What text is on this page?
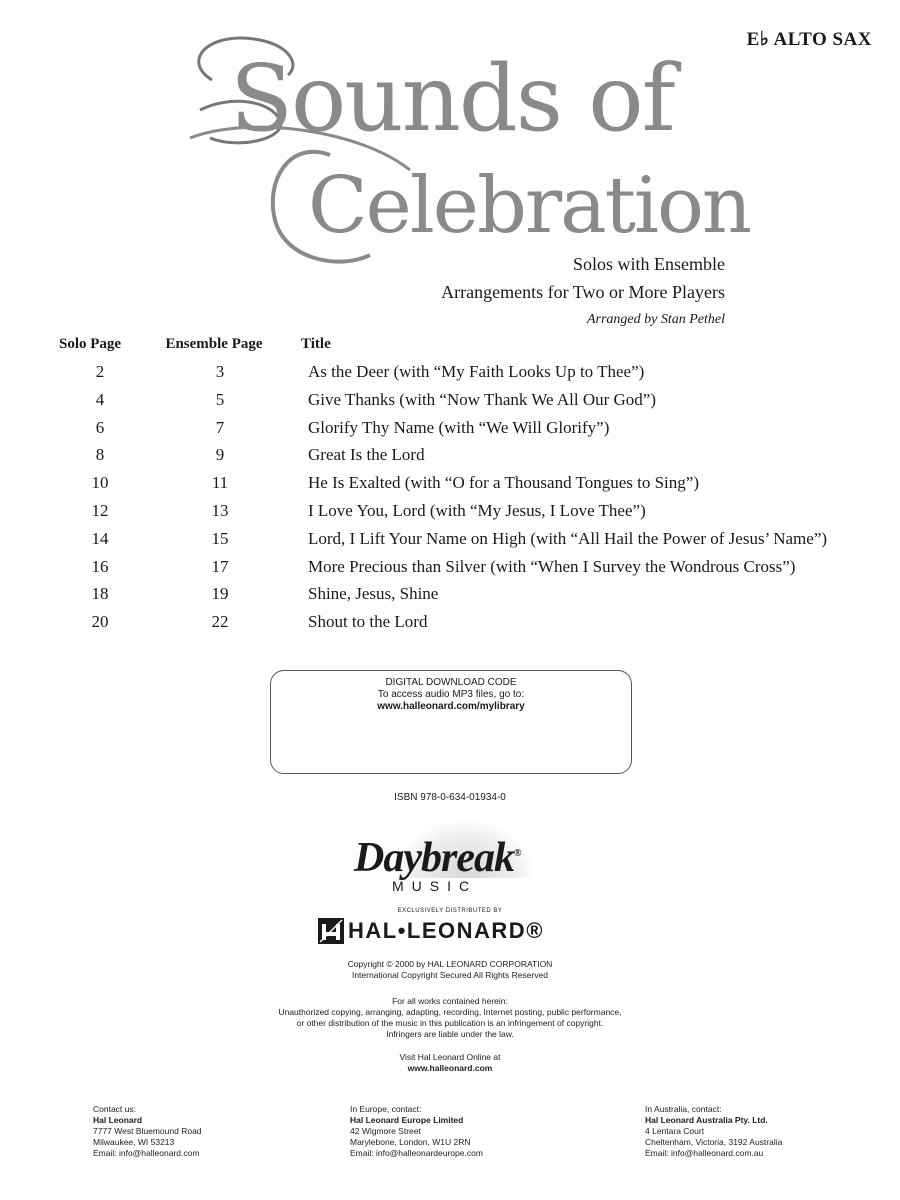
E♭ ALTO SAX
Sounds of
Celebration
Solos with Ensemble
Arrangements for Two or More Players
Arranged by Stan Pethel
Solo Page	Ensemble Page	Title
2	3	As the Deer (with “My Faith Looks Up to Thee”)
4	5	Give Thanks (with “Now Thank We All Our God”)
6	7	Glorify Thy Name (with “We Will Glorify”)
8	9	Great Is the Lord
10	11	He Is Exalted (with “O for a Thousand Tongues to Sing”)
12	13	I Love You, Lord (with “My Jesus, I Love Thee”)
14	15	Lord, I Lift Your Name on High (with “All Hail the Power of Jesus’ Name”)
16	17	More Precious than Silver (with “When I Survey the Wondrous Cross”)
18	19	Shine, Jesus, Shine
20	22	Shout to the Lord
DIGITAL DOWNLOAD CODE
To access audio MP3 files, go to:
www.halleonard.com/mylibrary
ISBN 978-0-634-01934-0
Daybreak®
MUSIC
EXCLUSIVELY DISTRIBUTED BY
HAL•LEONARD®
Copyright © 2000 by HAL LEONARD CORPORATION
International Copyright Secured All Rights Reserved
For all works contained herein:
Unauthorized copying, arranging, adapting, recording, Internet posting, public performance,
or other distribution of the music in this publication is an infringement of copyright.
Infringers are liable under the law.
Visit Hal Leonard Online at
www.halleonard.com
Contact us:
Hal Leonard
7777 West Bluemound Road
Milwaukee, WI 53213
Email: info@halleonard.com
In Europe, contact:
Hal Leonard Europe Limited
42 Wigmore Street
Marylebone, London, W1U 2RN
Email: info@halleonardeurope.com
In Australia, contact:
Hal Leonard Australia Pty. Ltd.
4 Lentara Court
Cheltenham, Victoria, 3192 Australia
Email: info@halleonard.com.au
